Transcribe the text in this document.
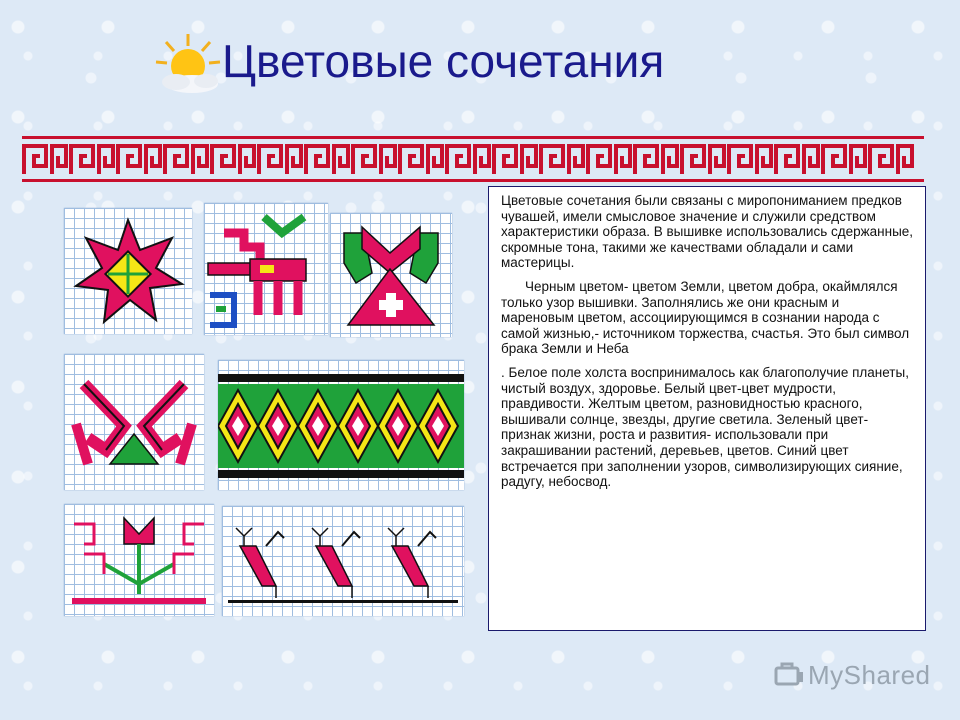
Цветовые сочетания

Цветовые сочетания были связаны с миропониманием предков чувашей, имели смысловое значение и служили средством характеристики образа. В вышивке использовались сдержанные, скромные тона, такими же качествами обладали и сами мастерицы.

Черным цветом- цветом Земли, цветом добра, окаймлялся только узор вышивки. Заполнялись же они красным и мареновым цветом, ассоциирующимся в сознании народа с самой жизнью,- источником торжества, счастья. Это был символ брака Земли и Неба

. Белое поле холста воспринималось как благополучие планеты, чистый воздух, здоровье. Белый цвет-цвет мудрости, правдивости. Желтым цветом, разновидностью красного, вышивали солнце, звезды, другие светила. Зеленый цвет-признак жизни, роста и развития- использовали при закрашивании растений, деревьев, цветов. Синий цвет встречается при заполнении узоров, символизирующих сияние, радугу, небосвод.

MyShared
